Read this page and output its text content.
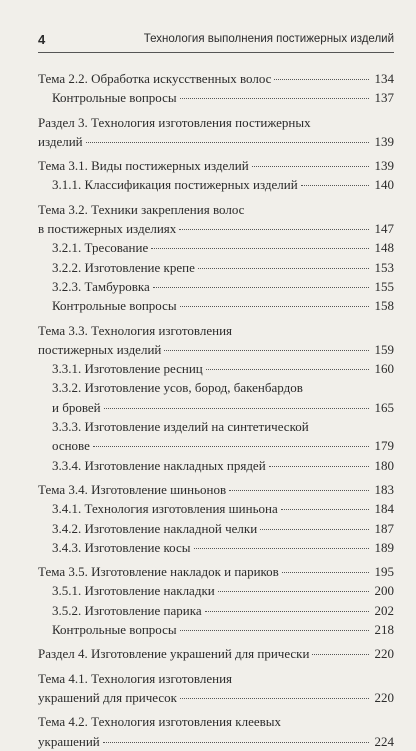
4	Технология выполнения постижерных изделий
Тема 2.2. Обработка искусственных волос	134
Контрольные вопросы	137
Раздел 3. Технология изготовления постижерных
изделий	139
Тема 3.1. Виды постижерных изделий	139
3.1.1. Классификация постижерных изделий	140
Тема 3.2. Техники закрепления волос
в постижерных изделиях	147
3.2.1. Тресование	148
3.2.2. Изготовление крепе	153
3.2.3. Тамбуровка	155
Контрольные вопросы	158
Тема 3.3. Технология изготовления
постижерных изделий	159
3.3.1. Изготовление ресниц	160
3.3.2. Изготовление усов, бород, бакенбардов
и бровей	165
3.3.3. Изготовление изделий на синтетической
основе	179
3.3.4. Изготовление накладных прядей	180
Тема 3.4. Изготовление шиньонов	183
3.4.1. Технология изготовления шиньона	184
3.4.2. Изготовление накладной челки	187
3.4.3. Изготовление косы	189
Тема 3.5. Изготовление накладок и париков	195
3.5.1. Изготовление накладки	200
3.5.2. Изготовление парика	202
Контрольные вопросы	218
Раздел 4. Изготовление украшений для прически	220
Тема 4.1. Технология изготовления
украшений для причесок	220
Тема 4.2. Технология изготовления клеевых
украшений	224
